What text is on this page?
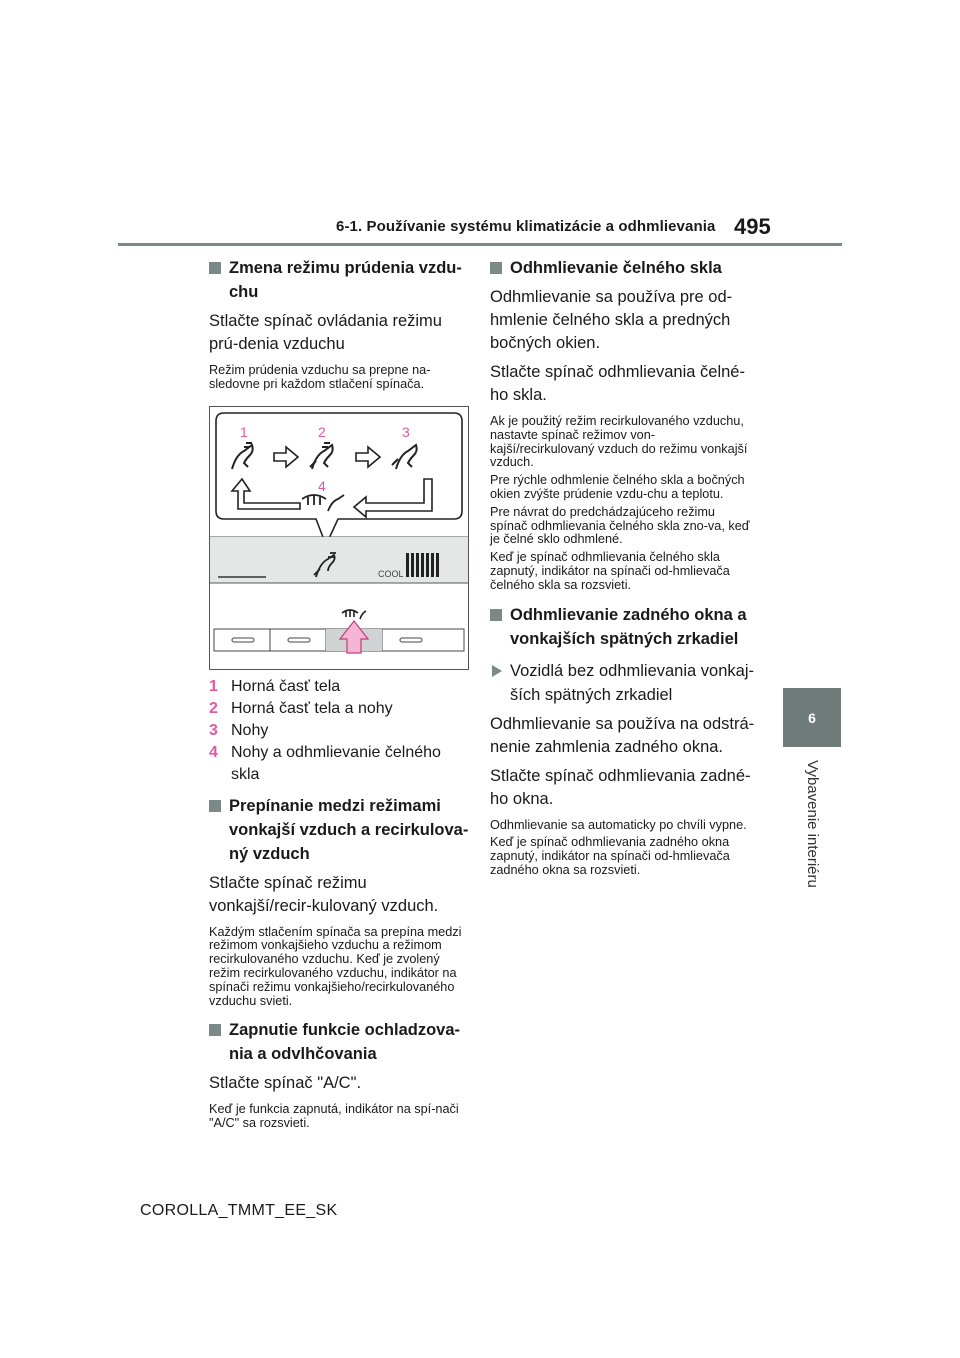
6-1. Používanie systému klimatizácie a odhmlievania 495
6
Vybavenie interiéru
Zmena režimu prúdenia vzdu-chu
Stlačte spínač ovládania režimu prú-denia vzduchu
Režim prúdenia vzduchu sa prepne na-sledovne pri každom stlačení spínača.
1	2	3
4
COOL
1 Horná časť tela
2 Horná časť tela a nohy
3 Nohy
4 Nohy a odhmlievanie čelného skla
Prepínanie medzi režimami vonkajší vzduch a recirkulova-ný vzduch
Stlačte spínač režimu vonkajší/recir-kulovaný vzduch.
Každým stlačením spínača sa prepína medzi režimom vonkajšieho vzduchu a režimom recirkulovaného vzduchu. Keď je zvolený režim recirkulovaného vzduchu, indikátor na spínači režimu vonkajšieho/recirkulovaného vzduchu svieti.
Zapnutie funkcie ochladzova-nia a odvlhčovania
Stlačte spínač "A/C".
Keď je funkcia zapnutá, indikátor na spí-nači "A/C" sa rozsvieti.
Odhmlievanie čelného skla
Odhmlievanie sa používa pre od-hmlenie čelného skla a predných bočných okien.
Stlačte spínač odhmlievania čelné-ho skla.
Ak je použitý režim recirkulovaného vzduchu, nastavte spínač režimov von-kajší/recirkulovaný vzduch do režimu vonkajší vzduch.
Pre rýchle odhmlenie čelného skla a bočných okien zvýšte prúdenie vzdu-chu a teplotu.
Pre návrat do predchádzajúceho režimu spínač odhmlievania čelného skla zno-va, keď je čelné sklo odhmlené.
Keď je spínač odhmlievania čelného skla zapnutý, indikátor na spínači od-hmlievača čelného skla sa rozsvieti.
Odhmlievanie zadného okna a vonkajších spätných zrkadiel
Vozidlá bez odhmlievania vonkaj-ších spätných zrkadiel
Odhmlievanie sa používa na odstrá-nenie zahmlenia zadného okna.
Stlačte spínač odhmlievania zadné-ho okna.
Odhmlievanie sa automaticky po chvíli vypne.
Keď je spínač odhmlievania zadného okna zapnutý, indikátor na spínači od-hmlievača zadného okna sa rozsvieti.
COROLLA_TMMT_EE_SK
